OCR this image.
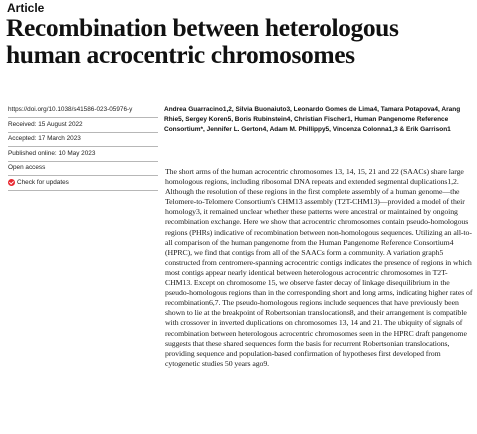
Article
Recombination between heterologous human acrocentric chromosomes
https://doi.org/10.1038/s41586-023-05976-y
Received: 15 August 2022
Accepted: 17 March 2023
Published online: 10 May 2023
Open access
Check for updates

Andrea Guarracino1,2, Silvia Buonaiuto3, Leonardo Gomes de Lima4, Tamara Potapova4, Arang Rhie5, Sergey Koren5, Boris Rubinstein4, Christian Fischer1, Human Pangenome Reference Consortium*, Jennifer L. Gerton4, Adam M. Phillippy5, Vincenza Colonna1,3 & Erik Garrison1

The short arms of the human acrocentric chromosomes 13, 14, 15, 21 and 22 (SAACs) share large homologous regions, including ribosomal DNA repeats and extended segmental duplications1,2. Although the resolution of these regions in the first complete assembly of a human genome—the Telomere-to-Telomere Consortium's CHM13 assembly (T2T-CHM13)—provided a model of their homology3, it remained unclear whether these patterns were ancestral or maintained by ongoing recombination exchange. Here we show that acrocentric chromosomes contain pseudo-homologous regions (PHRs) indicative of recombination between non-homologous sequences. Utilizing an all-to-all comparison of the human pangenome from the Human Pangenome Reference Consortium4 (HPRC), we find that contigs from all of the SAACs form a community. A variation graph5 constructed from centromere-spanning acrocentric contigs indicates the presence of regions in which most contigs appear nearly identical between heterologous acrocentric chromosomes in T2T-CHM13. Except on chromosome 15, we observe faster decay of linkage disequilibrium in the pseudo-homologous regions than in the corresponding short and long arms, indicating higher rates of recombination6,7. The pseudo-homologous regions include sequences that have previously been shown to lie at the breakpoint of Robertsonian translocations8, and their arrangement is compatible with crossover in inverted duplications on chromosomes 13, 14 and 21. The ubiquity of signals of recombination between heterologous acrocentric chromosomes seen in the HPRC draft pangenome suggests that these shared sequences form the basis for recurrent Robertsonian translocations, providing sequence and population-based confirmation of hypotheses first developed from cytogenetic studies 50 years ago9.
